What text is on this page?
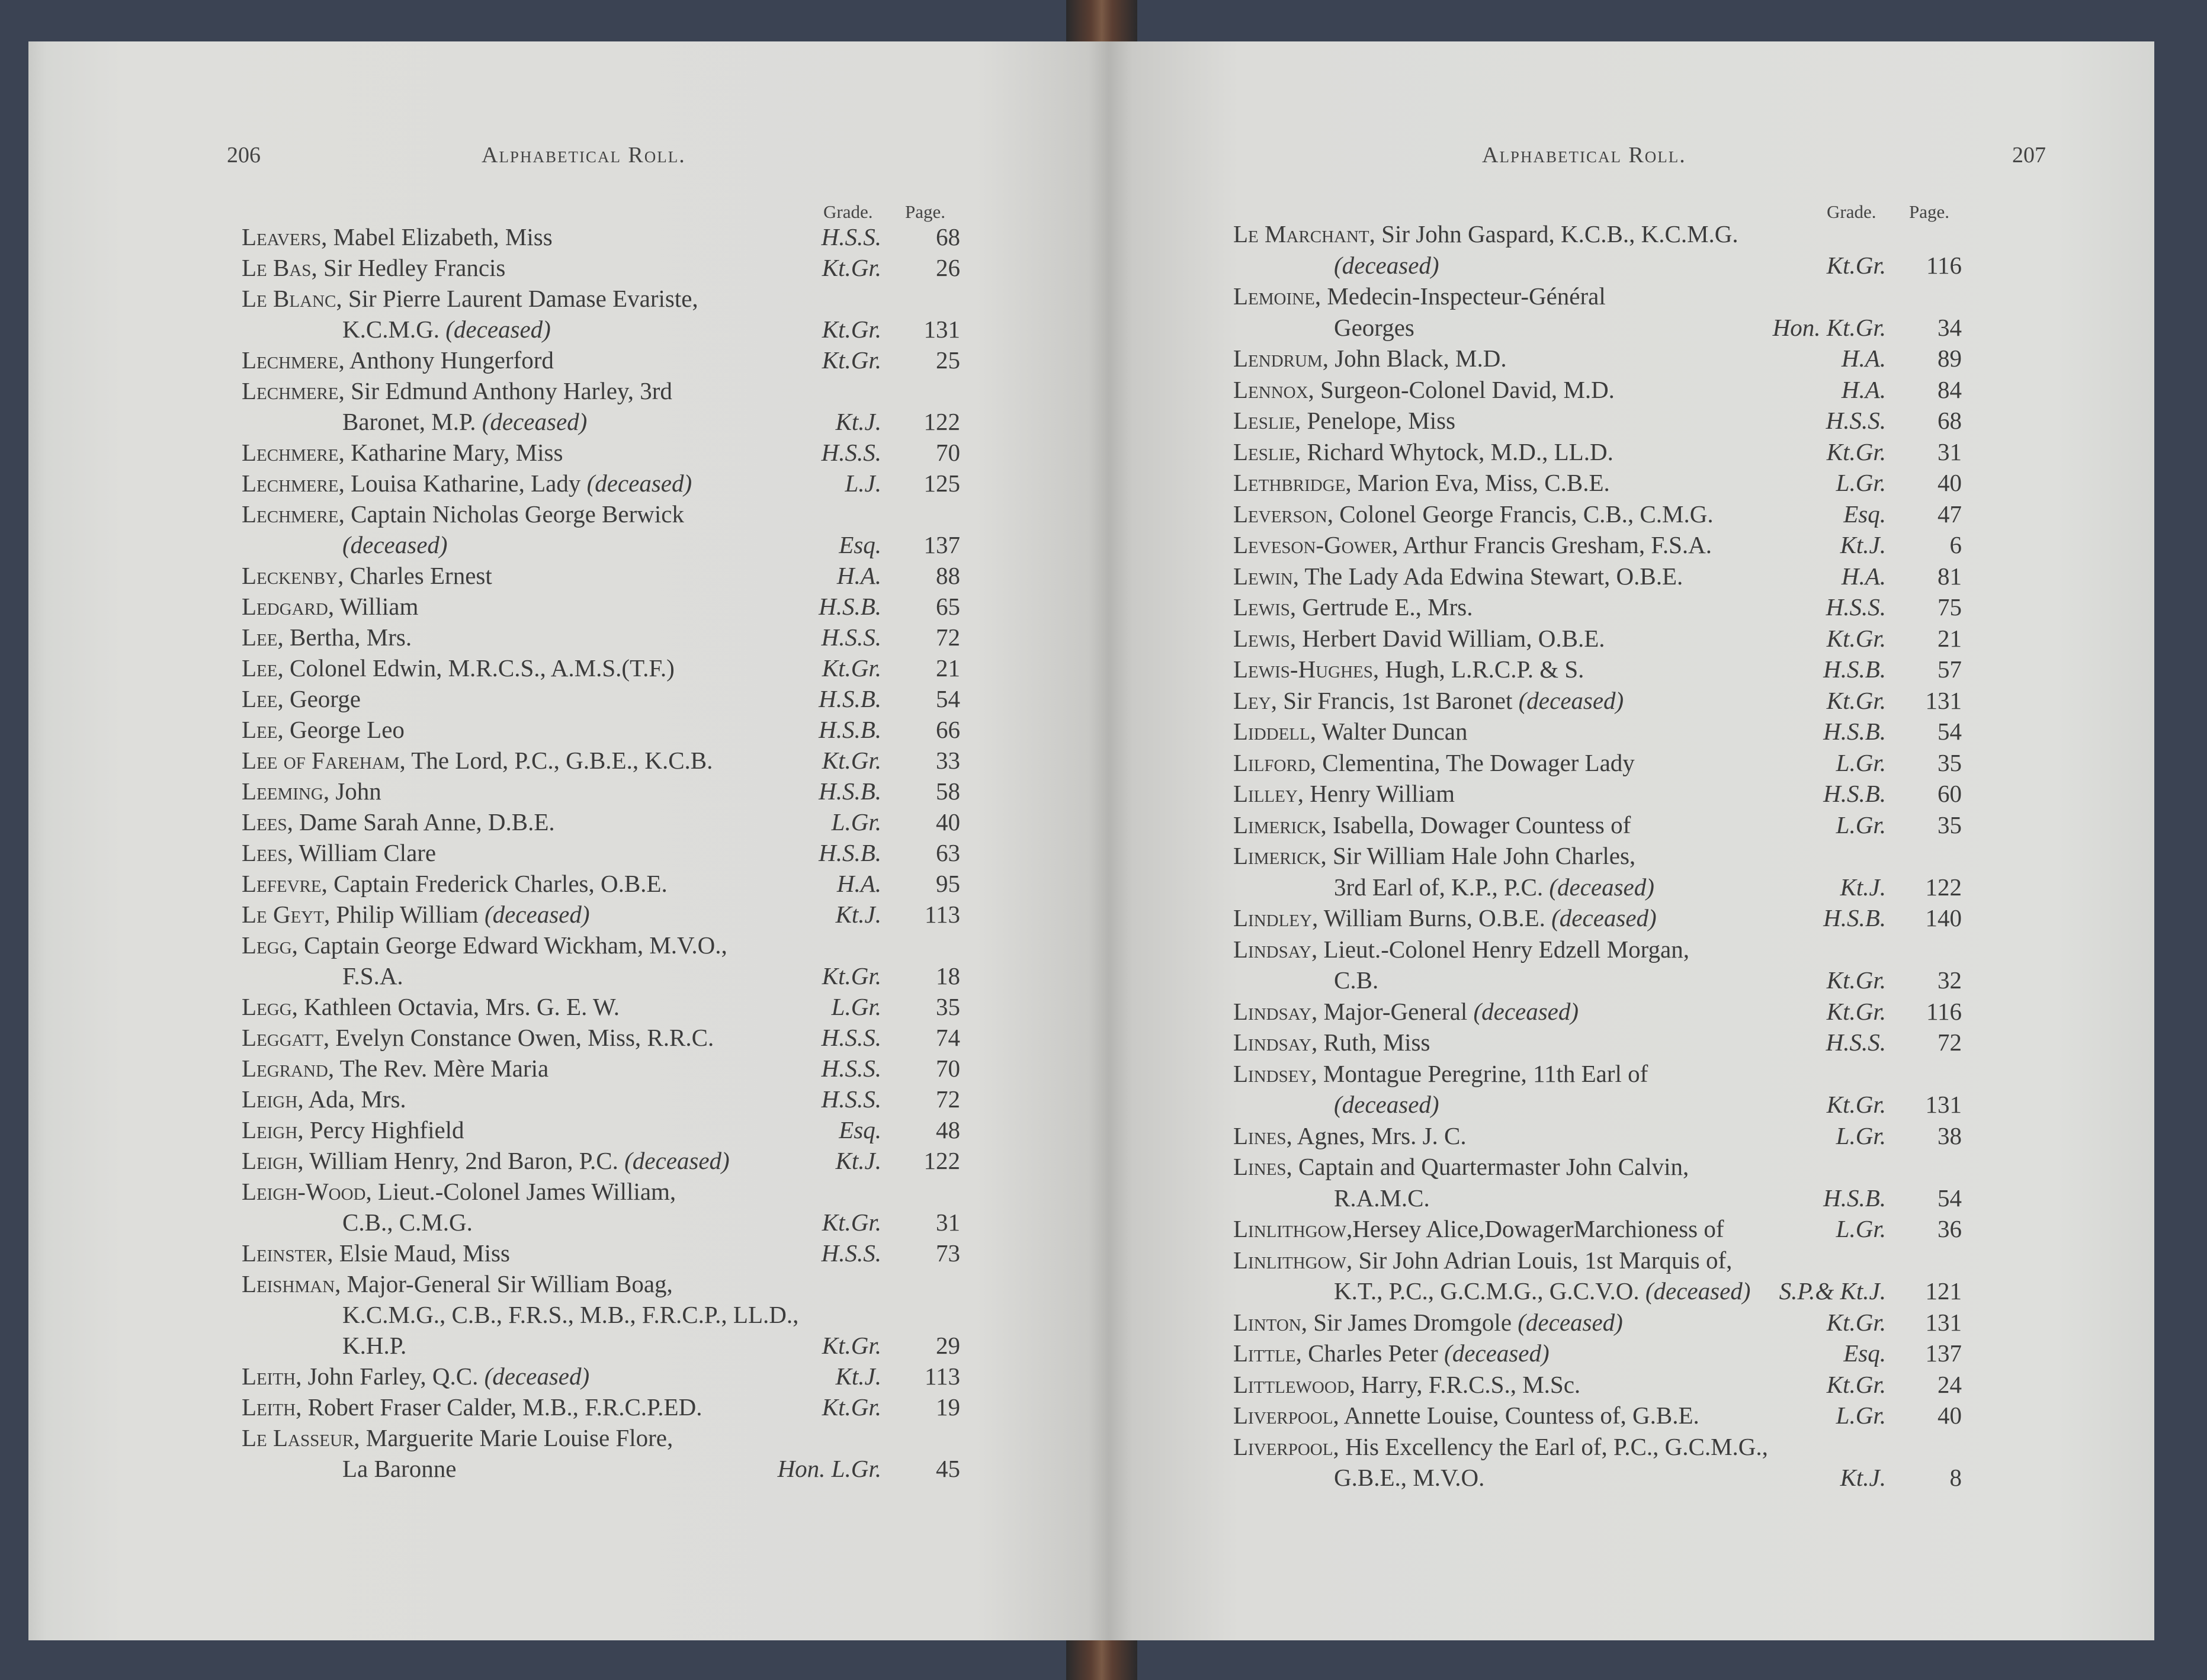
206	Alphabetical Roll.
Grade. Page.
Leavers, Mabel Elizabeth, Miss	H.S.S.	68
Le Bas, Sir Hedley Francis	Kt.Gr.	26
Le Blanc, Sir Pierre Laurent Damase Evariste,
K.C.M.G. (deceased)	Kt.Gr.	131
Lechmere, Anthony Hungerford	Kt.Gr.	25
Lechmere, Sir Edmund Anthony Harley, 3rd
Baronet, M.P. (deceased)	Kt.J.	122
Lechmere, Katharine Mary, Miss	H.S.S.	70
Lechmere, Louisa Katharine, Lady (deceased)	L.J.	125
Lechmere, Captain Nicholas George Berwick
(deceased)	Esq.	137
Leckenby, Charles Ernest	H.A.	88
Ledgard, William	H.S.B.	65
Lee, Bertha, Mrs.	H.S.S.	72
Lee, Colonel Edwin, M.R.C.S., A.M.S.(T.F.)	Kt.Gr.	21
Lee, George	H.S.B.	54
Lee, George Leo	H.S.B.	66
Lee of Fareham, The Lord, P.C., G.B.E., K.C.B.	Kt.Gr.	33
Leeming, John	H.S.B.	58
Lees, Dame Sarah Anne, D.B.E.	L.Gr.	40
Lees, William Clare	H.S.B.	63
Lefevre, Captain Frederick Charles, O.B.E.	H.A.	95
Le Geyt, Philip William (deceased)	Kt.J.	113
Legg, Captain George Edward Wickham, M.V.O.,
F.S.A.	Kt.Gr.	18
Legg, Kathleen Octavia, Mrs. G. E. W.	L.Gr.	35
Leggatt, Evelyn Constance Owen, Miss, R.R.C.	H.S.S.	74
Legrand, The Rev. Mère Maria	H.S.S.	70
Leigh, Ada, Mrs.	H.S.S.	72
Leigh, Percy Highfield	Esq.	48
Leigh, William Henry, 2nd Baron, P.C. (deceased)	Kt.J.	122
Leigh-Wood, Lieut.-Colonel James William,
C.B., C.M.G.	Kt.Gr.	31
Leinster, Elsie Maud, Miss	H.S.S.	73
Leishman, Major-General Sir William Boag,
K.C.M.G., C.B., F.R.S., M.B., F.R.C.P., LL.D.,
K.H.P.	Kt.Gr.	29
Leith, John Farley, Q.C. (deceased)	Kt.J.	113
Leith, Robert Fraser Calder, M.B., F.R.C.P.ED.	Kt.Gr.	19
Le Lasseur, Marguerite Marie Louise Flore,
La Baronne	Hon. L.Gr.	45
Alphabetical Roll.	207
Grade. Page.
Le Marchant, Sir John Gaspard, K.C.B., K.C.M.G.
(deceased)	Kt.Gr.	116
Lemoine, Medecin-Inspecteur-Général
Georges	Hon. Kt.Gr.	34
Lendrum, John Black, M.D.	H.A.	89
Lennox, Surgeon-Colonel David, M.D.	H.A.	84
Leslie, Penelope, Miss	H.S.S.	68
Leslie, Richard Whytock, M.D., LL.D.	Kt.Gr.	31
Lethbridge, Marion Eva, Miss, C.B.E.	L.Gr.	40
Leverson, Colonel George Francis, C.B., C.M.G.	Esq.	47
Leveson-Gower, Arthur Francis Gresham, F.S.A.	Kt.J.	6
Lewin, The Lady Ada Edwina Stewart, O.B.E.	H.A.	81
Lewis, Gertrude E., Mrs.	H.S.S.	75
Lewis, Herbert David William, O.B.E.	Kt.Gr.	21
Lewis-Hughes, Hugh, L.R.C.P. & S.	H.S.B.	57
Ley, Sir Francis, 1st Baronet (deceased)	Kt.Gr.	131
Liddell, Walter Duncan	H.S.B.	54
Lilford, Clementina, The Dowager Lady	L.Gr.	35
Lilley, Henry William	H.S.B.	60
Limerick, Isabella, Dowager Countess of	L.Gr.	35
Limerick, Sir William Hale John Charles,
3rd Earl of, K.P., P.C. (deceased)	Kt.J.	122
Lindley, William Burns, O.B.E. (deceased)	H.S.B.	140
Lindsay, Lieut.-Colonel Henry Edzell Morgan,
C.B.	Kt.Gr.	32
Lindsay, Major-General (deceased)	Kt.Gr.	116
Lindsay, Ruth, Miss	H.S.S.	72
Lindsey, Montague Peregrine, 11th Earl of
(deceased)	Kt.Gr.	131
Lines, Agnes, Mrs. J. C.	L.Gr.	38
Lines, Captain and Quartermaster John Calvin,
R.A.M.C.	H.S.B.	54
Linlithgow,Hersey Alice,DowagerMarchioness of	L.Gr.	36
Linlithgow, Sir John Adrian Louis, 1st Marquis of,
K.T., P.C., G.C.M.G., G.C.V.O. (deceased)	S.P.& Kt.J.	121
Linton, Sir James Dromgole (deceased)	Kt.Gr.	131
Little, Charles Peter (deceased)	Esq.	137
Littlewood, Harry, F.R.C.S., M.Sc.	Kt.Gr.	24
Liverpool, Annette Louise, Countess of, G.B.E.	L.Gr.	40
Liverpool, His Excellency the Earl of, P.C., G.C.M.G.,
G.B.E., M.V.O.	Kt.J.	8
